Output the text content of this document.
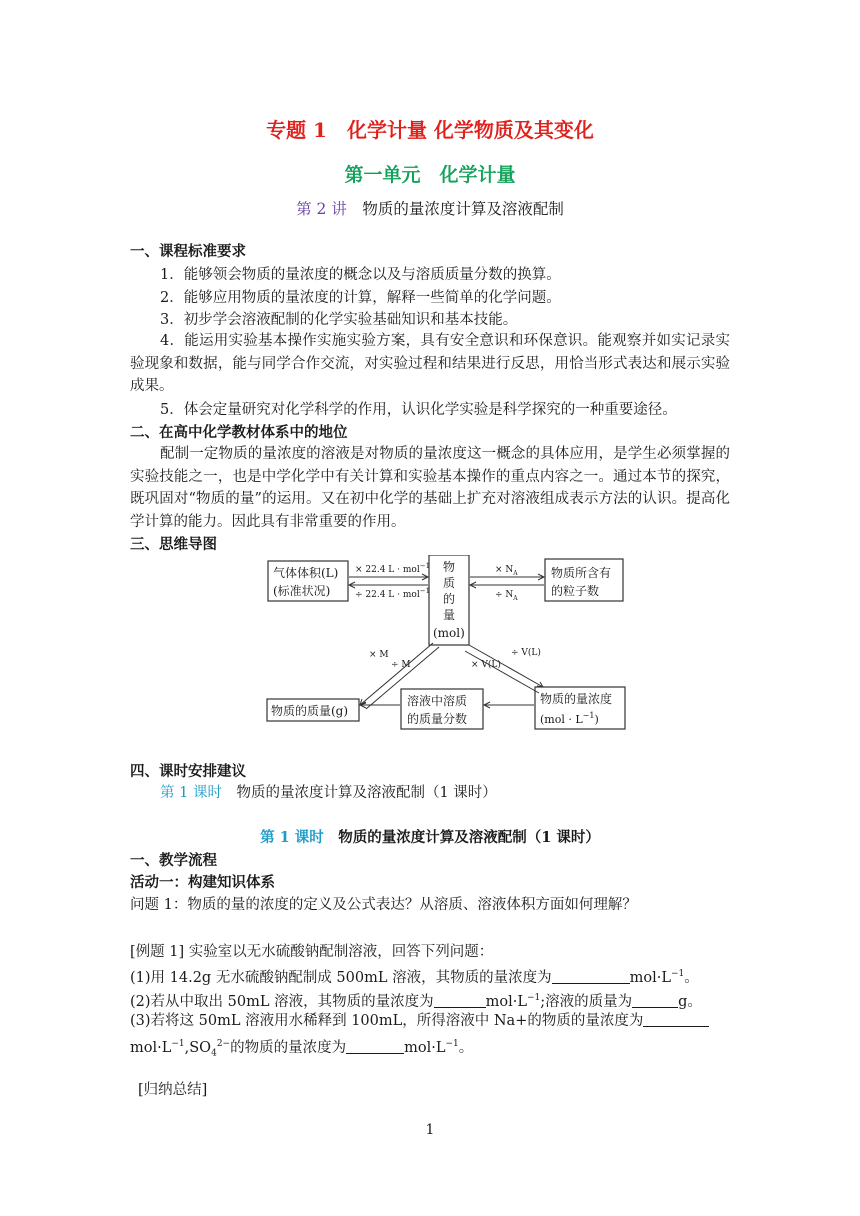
专题 1　化学计量 化学物质及其变化
第一单元　化学计量
第 2 讲　 物质的量浓度计算及溶液配制
一、课程标准要求
1．能够领会物质的量浓度的概念以及与溶质质量分数的换算。
2．能够应用物质的量浓度的计算，解释一些简单的化学问题。
3．初步学会溶液配制的化学实验基础知识和基本技能。
4．能运用实验基本操作实施实验方案，具有安全意识和环保意识。能观察并如实记录实验现象和数据，能与同学合作交流，对实验过程和结果进行反思，用恰当形式表达和展示实验成果。
5．体会定量研究对化学科学的作用，认识化学实验是科学探究的一种重要途径。
二、在高中化学教材体系中的地位
配制一定物质的量浓度的溶液是对物质的量浓度这一概念的具体应用，是学生必须掌握的实验技能之一，也是中学化学中有关计算和实验基本操作的重点内容之一。通过本节的探究，既巩固对“物质的量”的运用。又在初中化学的基础上扩充对溶液组成表示方法的认识。提高化学计算的能力。因此具有非常重要的作用。
三、思维导图
气体体积(L)
(标准状况)
物
质
的
量
(mol)
物质所含有
的粒子数
物质的质量(g)
溶液中溶质
的质量分数
物质的量浓度
$(mol \cdot L^{-1})$
× 22.4 L · mol$^{-1}$
÷ 22.4 L · mol$^{-1}$
× $N_A$
÷ $N_A$
× M
÷ M
÷ V(L)
× V(L)
四、课时安排建议
第 1 课时　 物质的量浓度计算及溶液配制（1 课时）
第 1 课时　 物质的量浓度计算及溶液配制（1 课时）
一、教学流程
活动一：构建知识体系
问题 1：物质的量的浓度的定义及公式表达？从溶质、溶液体积方面如何理解？
[例题 1] 实验室以无水硫酸钠配制溶液，回答下列问题：
(1)用 14.2g 无水硫酸钠配制成 500mL 溶液，其物质的量浓度为	$mol\cdot L^{-1}$。
(2)若从中取出 50mL 溶液，其物质的量浓度为	$mol\cdot L^{-1}$;溶液的质量为	g。
(3)若将这 50mL 溶液用水稀释到 100mL，所得溶液中 Na+的物质的量浓度为
$mol\cdot L^{-1},SO_4^{2-}$的物质的量浓度为	$mol\cdot L^{-1}$。
[归纳总结]
1
